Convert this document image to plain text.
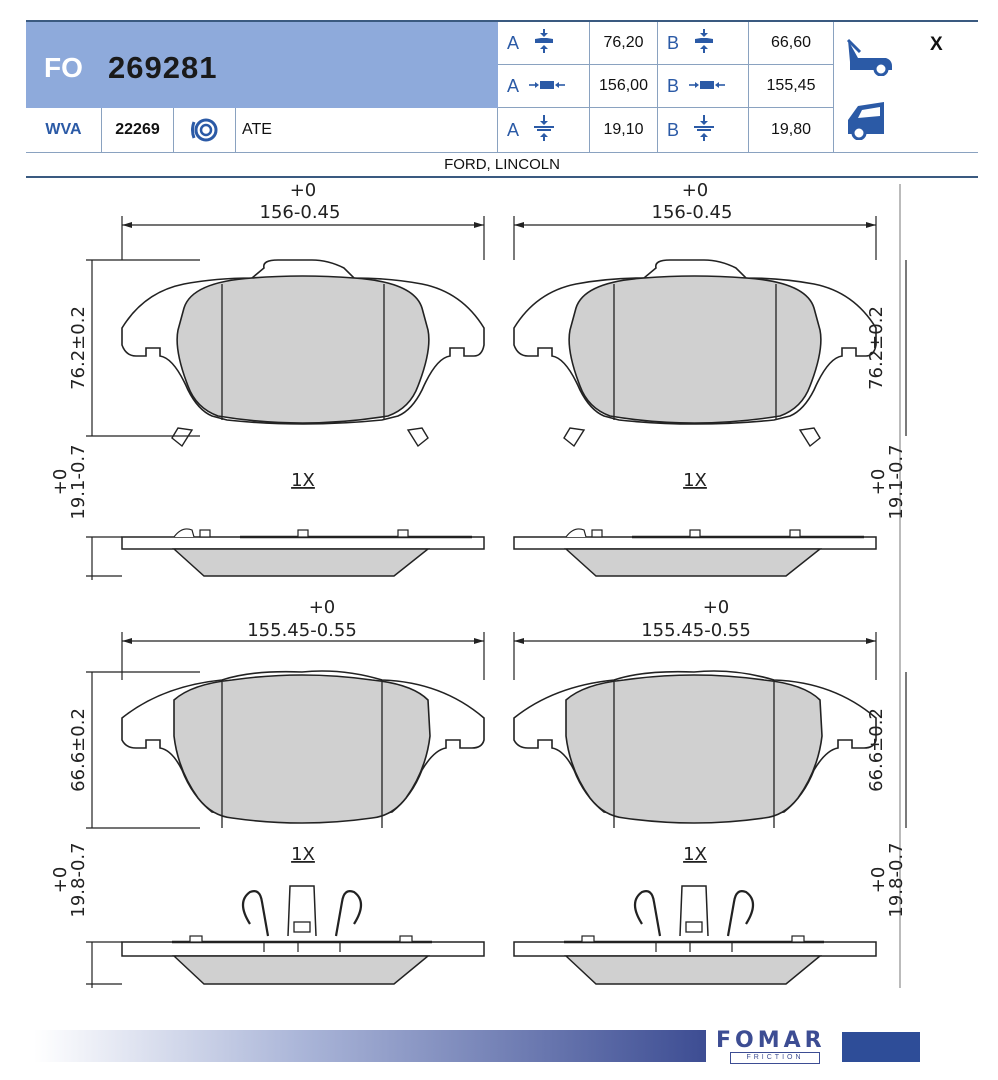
FO 269281
WVA	22269	ATE
A	76,20	B	66,60
A	156,00	B	155,45
A	19,10	B	19,80
X
FORD, LINCOLN
+0
156-0.45
+0
156-0.45
+0
155.45-0.55
+0
155.45-0.55
76.2±0.2	76.2±0.2
66.6±0.2	66.6±0.2
+0
19.1-0.7	+0
19.1-0.7
+0
19.8-0.7	+0
19.8-0.7
1X	1X
1X	1X
FOMAR
FRICTION
